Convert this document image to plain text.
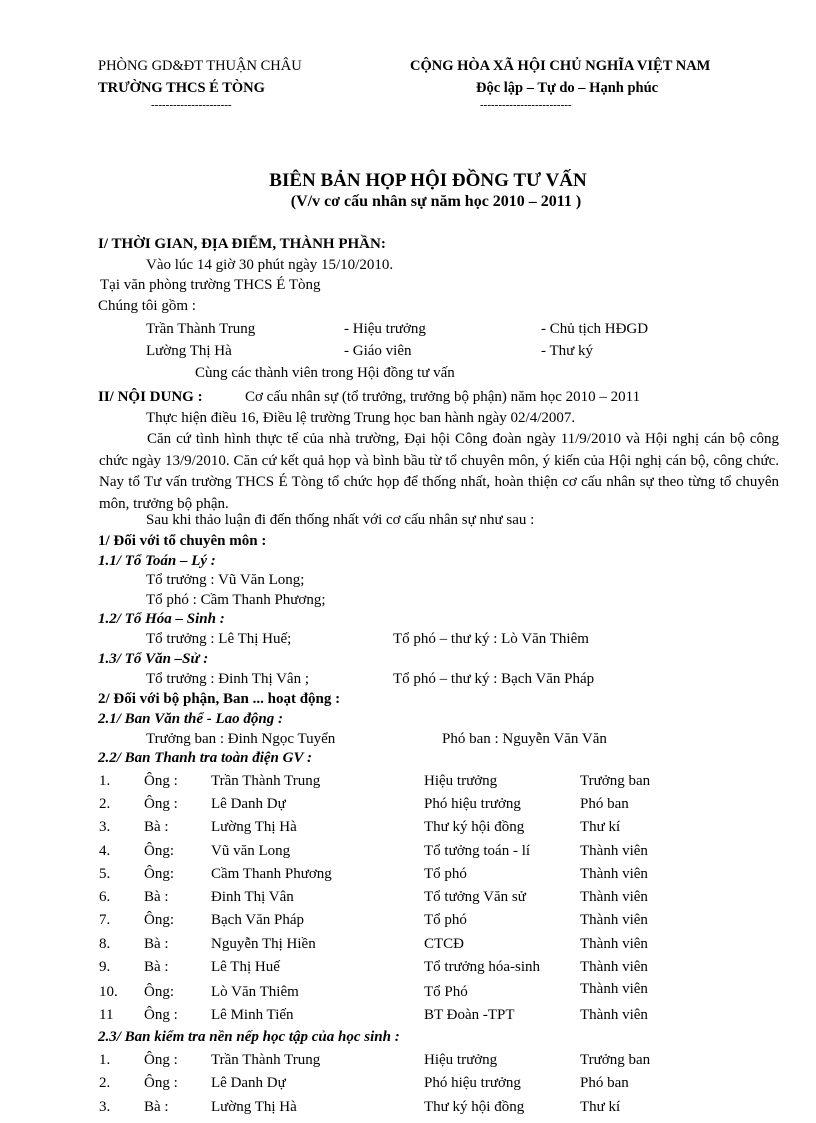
PHÒNG GD&ĐT THUẬN CHÂU
TRƯỜNG THCS É TÒNG
----------------------
CỘNG HÒA XÃ HỘI CHỦ NGHĨA VIỆT NAM
Độc lập – Tự do – Hạnh phúc
-------------------------
BIÊN BẢN HỌP HỘI ĐỒNG TƯ VẤN
(V/v cơ cấu nhân sự năm học 2010 – 2011 )
I/ THỜI GIAN, ĐỊA ĐIỂM, THÀNH PHẦN:
Vào lúc 14 giờ 30 phút ngày 15/10/2010.
Tại văn phòng trường THCS É Tòng
Chúng tôi gồm :
Trần Thành Trung	- Hiệu trưởng	- Chủ tịch HĐGD
Lường Thị Hà	- Giáo viên	- Thư ký
Cùng các thành viên trong Hội đồng tư vấn
II/ NỘI DUNG :	Cơ cấu nhân sự (tổ trưởng, trưởng bộ phận) năm học 2010 – 2011
Thực hiện điều 16, Điều lệ trường Trung học ban hành ngày 02/4/2007.
Căn cứ tình hình thực tế của nhà trường, Đại hội Công đoàn ngày 11/9/2010 và Hội nghị cán bộ công chức ngày 13/9/2010. Căn cứ kết quả họp và bình bầu từ tổ chuyên môn, ý kiến của Hội nghị cán bộ, công chức. Nay tổ Tư vấn trường THCS É Tòng tổ chức họp để thống nhất, hoàn thiện cơ cấu nhân sự theo từng tổ chuyên môn, trưởng bộ phận.
Sau khi thảo luận đi đến thống nhất với cơ cấu nhân sự như sau :
1/ Đối với tổ chuyên môn :
1.1/ Tổ Toán – Lý :
Tổ trưởng : Vũ Văn Long;
Tổ phó : Cầm Thanh Phương;
1.2/ Tổ Hóa – Sinh :
Tổ trưởng : Lê Thị Huế;	Tổ phó – thư ký : Lò Văn Thiêm
1.3/ Tổ Văn –Sử :
Tổ trưởng : Đinh Thị Vân ;	Tổ phó – thư ký : Bạch Văn Pháp
2/ Đối với bộ phận, Ban ... hoạt động :
2.1/ Ban Văn thể - Lao động :
Trưởng ban : Đinh Ngọc Tuyển	Phó ban : Nguyễn Văn Văn
2.2/ Ban Thanh tra toàn điện GV :
1. Ông : Trần Thành Trung	Hiệu trưởng	Trưởng ban
2. Ông : Lê Danh Dự	Phó hiệu trưởng	Phó ban
3. Bà :	Lường Thị Hà	Thư ký hội đồng	Thư kí
4. Ông: Vũ văn Long	Tổ tưởng toán - lí	Thành viên
5. Ông: Cầm Thanh Phương	Tổ phó	Thành viên
6. Bà :	Đinh Thị Vân	Tổ tưởng Văn sử	Thành viên
7. Ông: Bạch Văn Pháp	Tổ phó	Thành viên
8. Bà :	Nguyễn Thị Hiền	CTCĐ	Thành viên
9. Bà :	Lê Thị Huế	Tổ trưởng hóa-sinh	Thành viên
10. Ông: Lò Văn Thiêm	Tổ Phó	Thành viên
11 Ông : Lê Minh Tiến	BT Đoàn -TPT	Thành viên
2.3/ Ban kiểm tra nền nếp học tập của học sinh :
1. Ông : Trần Thành Trung	Hiệu trưởng	Trưởng ban
2. Ông : Lê Danh Dự	Phó hiệu trưởng	Phó ban
3. Bà :	Lường Thị Hà	Thư ký hội đồng	Thư kí
